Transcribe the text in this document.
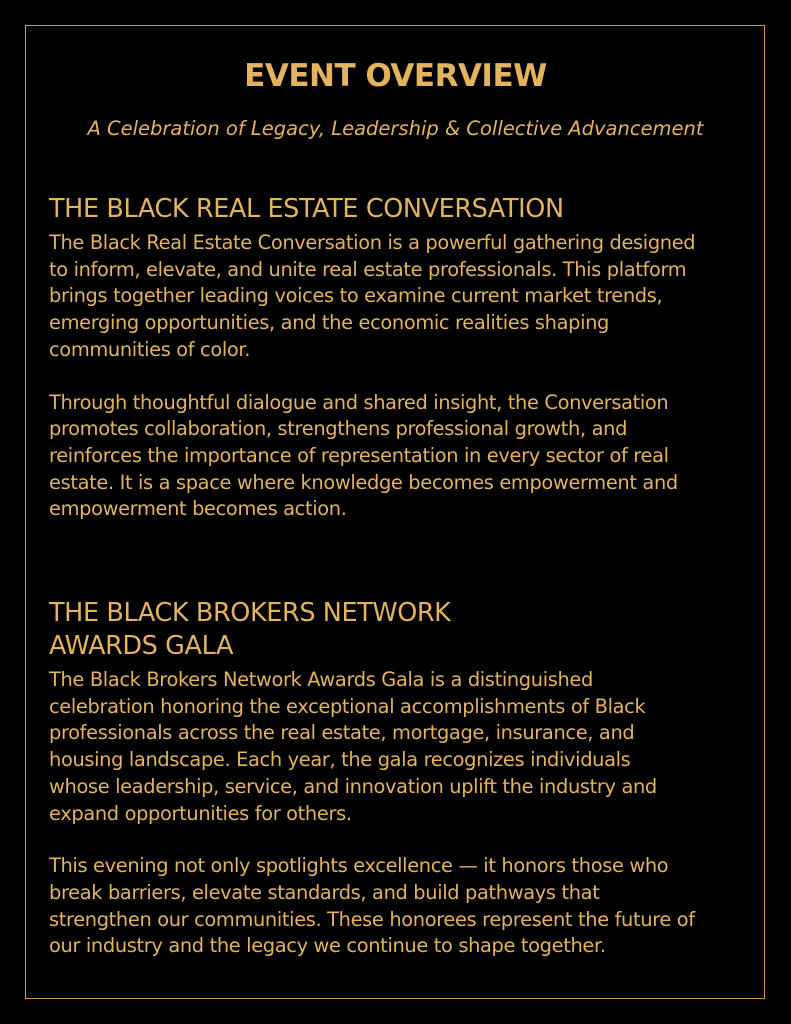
EVENT OVERVIEW

A Celebration of Legacy, Leadership & Collective Advancement

THE BLACK REAL ESTATE CONVERSATION

The Black Real Estate Conversation is a powerful gathering designed
to inform, elevate, and unite real estate professionals. This platform
brings together leading voices to examine current market trends,
emerging opportunities, and the economic realities shaping
communities of color.

Through thoughtful dialogue and shared insight, the Conversation
promotes collaboration, strengthens professional growth, and
reinforces the importance of representation in every sector of real
estate. It is a space where knowledge becomes empowerment and
empowerment becomes action.

THE BLACK BROKERS NETWORK
AWARDS GALA

The Black Brokers Network Awards Gala is a distinguished
celebration honoring the exceptional accomplishments of Black
professionals across the real estate, mortgage, insurance, and
housing landscape. Each year, the gala recognizes individuals
whose leadership, service, and innovation uplift the industry and
expand opportunities for others.

This evening not only spotlights excellence — it honors those who
break barriers, elevate standards, and build pathways that
strengthen our communities. These honorees represent the future of
our industry and the legacy we continue to shape together.
